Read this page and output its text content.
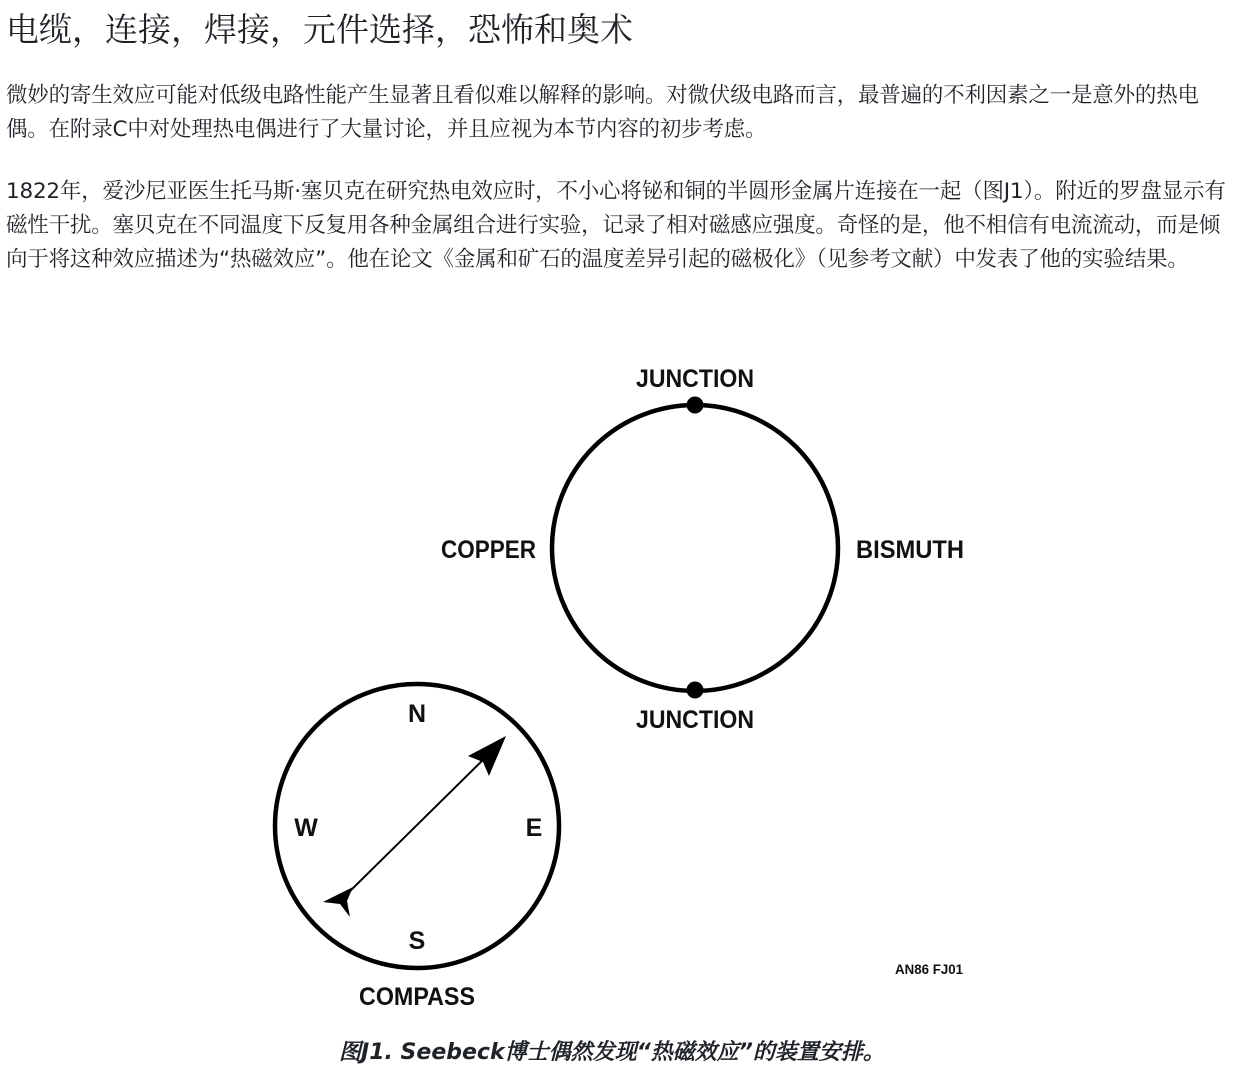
电缆，连接，焊接，元件选择，恐怖和奥术

微妙的寄生效应可能对低级电路性能产生显著且看似难以解释的影响。对微伏级电路而言，最普遍的不利因素之一是意外的热电偶。在附录C中对处理热电偶进行了大量讨论，并且应视为本节内容的初步考虑。

1822年，爱沙尼亚医生托马斯·塞贝克在研究热电效应时，不小心将铋和铜的半圆形金属片连接在一起（图J1）。附近的罗盘显示有磁性干扰。塞贝克在不同温度下反复用各种金属组合进行实验，记录了相对磁感应强度。奇怪的是，他不相信有电流流动，而是倾向于将这种效应描述为“热磁效应”。他在论文《金属和矿石的温度差异引起的磁极化》（见参考文献）中发表了他的实验结果。

JUNCTION
JUNCTION
COPPER	BISMUTH
N
S
E
W
COMPASS
AN86 FJ01

图J1. Seebeck博士偶然发现“热磁效应”的装置安排。
